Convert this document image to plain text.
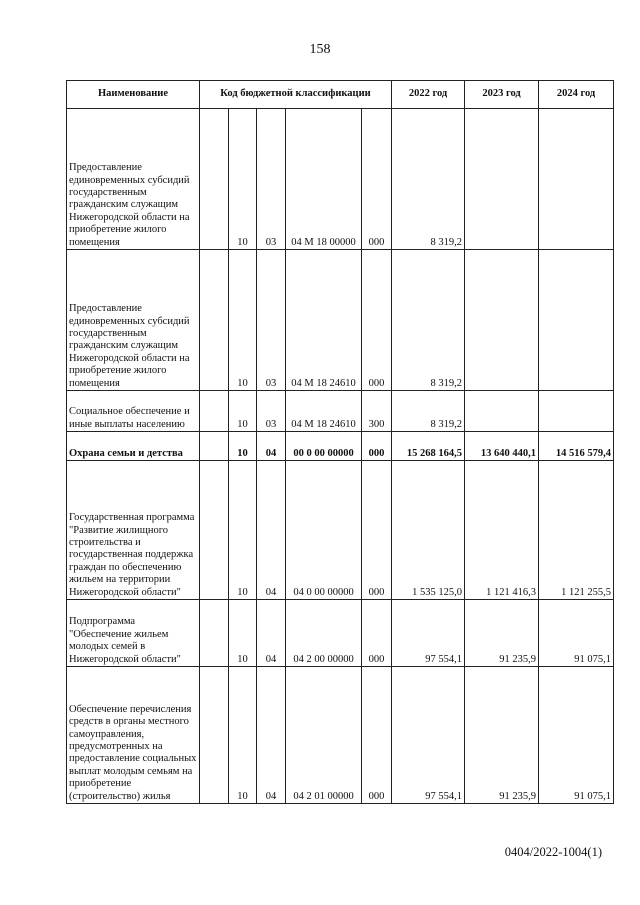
158
Наименование	Код бюджетной классификации					2022 год	2023 год	2024 год
Предоставление единовременных субсидий государственным гражданским служащим Нижегородской области на приобретение жилого помещения		10	03	04 М 18 00000	000	8 319,2		
Предоставление единовременных субсидий государственным гражданским служащим Нижегородской области на приобретение жилого помещения		10	03	04 М 18 24610	000	8 319,2		
Социальное обеспечение и иные выплаты населению		10	03	04 М 18 24610	300	8 319,2		
Охрана семьи и детства		10	04	00 0 00 00000	000	15 268 164,5	13 640 440,1	14 516 579,4
Государственная программа "Развитие жилищного строительства и государственная поддержка граждан по обеспечению жильем на территории Нижегородской области"		10	04	04 0 00 00000	000	1 535 125,0	1 121 416,3	1 121 255,5
Подпрограмма "Обеспечение жильем молодых семей в Нижегородской области"		10	04	04 2 00 00000	000	97 554,1	91 235,9	91 075,1
Обеспечение перечисления средств в органы местного самоуправления, предусмотренных на предоставление социальных выплат молодым семьям на приобретение (строительство) жилья		10	04	04 2 01 00000	000	97 554,1	91 235,9	91 075,1
0404/2022-1004(1)
